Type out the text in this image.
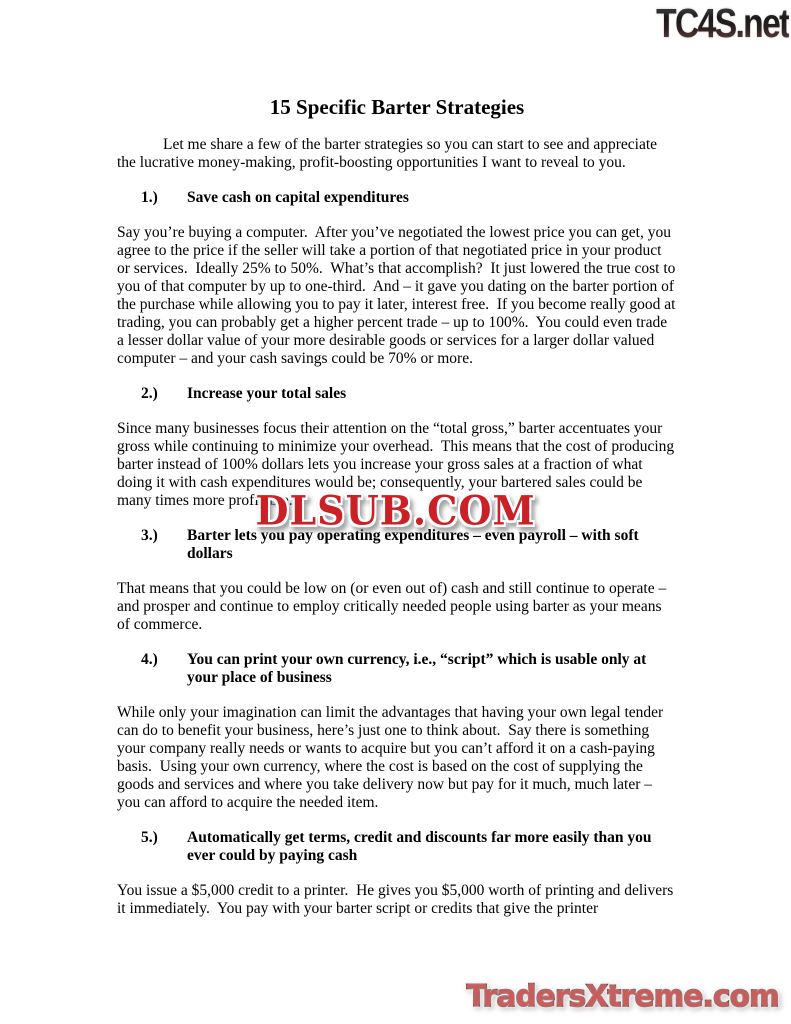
TC4S.net
15 Specific Barter Strategies

Let me share a few of the barter strategies so you can start to see and appreciate the lucrative money-making, profit-boosting opportunities I want to reveal to you.

1.)	Save cash on capital expenditures

Say you’re buying a computer.  After you’ve negotiated the lowest price you can get, you agree to the price if the seller will take a portion of that negotiated price in your product or services.  Ideally 25% to 50%.  What’s that accomplish?  It just lowered the true cost to you of that computer by up to one-third.  And – it gave you dating on the barter portion of the purchase while allowing you to pay it later, interest free.  If you become really good at trading, you can probably get a higher percent trade – up to 100%.  You could even trade a lesser dollar value of your more desirable goods or services for a larger dollar valued computer – and your cash savings could be 70% or more.

2.)	Increase your total sales

Since many businesses focus their attention on the “total gross,” barter accentuates your gross while continuing to minimize your overhead.  This means that the cost of producing barter instead of 100% dollars lets you increase your gross sales at a fraction of what doing it with cash expenditures would be; consequently, your bartered sales could be many times more profitable.

3.)	Barter lets you pay operating expenditures – even payroll – with soft dollars

That means that you could be low on (or even out of) cash and still continue to operate – and prosper and continue to employ critically needed people using barter as your means of commerce.

4.)	You can print your own currency, i.e., “script” which is usable only at your place of business

While only your imagination can limit the advantages that having your own legal tender can do to benefit your business, here’s just one to think about.  Say there is something your company really needs or wants to acquire but you can’t afford it on a cash-paying basis.  Using your own currency, where the cost is based on the cost of supplying the goods and services and where you take delivery now but pay for it much, much later – you can afford to acquire the needed item.

5.)	Automatically get terms, credit and discounts far more easily than you ever could by paying cash

You issue a $5,000 credit to a printer.  He gives you $5,000 worth of printing and delivers it immediately.  You pay with your barter script or credits that give the printer

DLSUB.COM
TradersXtreme.com
